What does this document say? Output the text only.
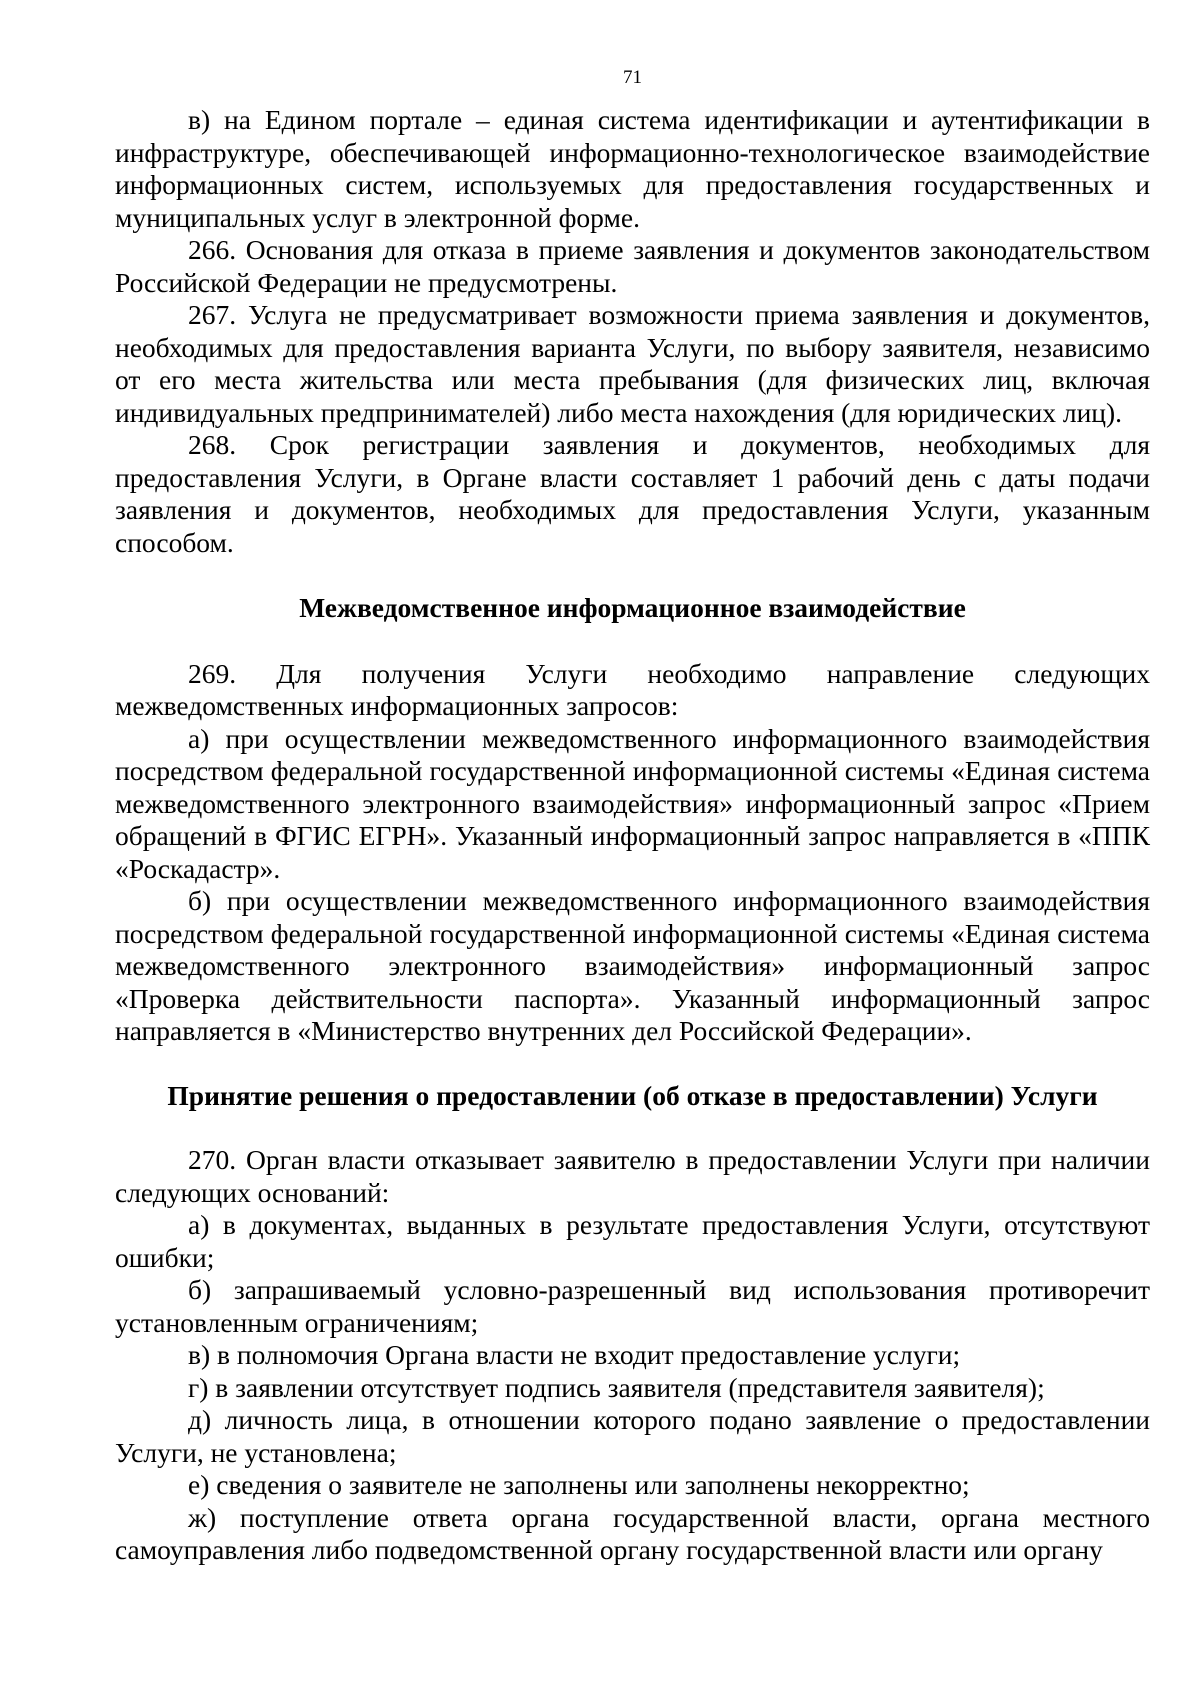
71

в) на Едином портале – единая система идентификации и аутентификации в инфраструктуре, обеспечивающей информационно-технологическое взаимодействие информационных систем, используемых для предоставления государственных и муниципальных услуг в электронной форме.

266. Основания для отказа в приеме заявления и документов законодательством Российской Федерации не предусмотрены.

267. Услуга не предусматривает возможности приема заявления и документов, необходимых для предоставления варианта Услуги, по выбору заявителя, независимо от его места жительства или места пребывания (для физических лиц, включая индивидуальных предпринимателей) либо места нахождения (для юридических лиц).

268. Срок регистрации заявления и документов, необходимых для предоставления Услуги, в Органе власти составляет 1 рабочий день с даты подачи заявления и документов, необходимых для предоставления Услуги, указанным способом.

Межведомственное информационное взаимодействие

269. Для получения Услуги необходимо направление следующих межведомственных информационных запросов:

а) при осуществлении межведомственного информационного взаимодействия посредством федеральной государственной информационной системы «Единая система межведомственного электронного взаимодействия» информационный запрос «Прием обращений в ФГИС ЕГРН». Указанный информационный запрос направляется в «ППК «Роскадастр».

б) при осуществлении межведомственного информационного взаимодействия посредством федеральной государственной информационной системы «Единая система межведомственного электронного взаимодействия» информационный запрос «Проверка действительности паспорта». Указанный информационный запрос направляется в «Министерство внутренних дел Российской Федерации».

Принятие решения о предоставлении (об отказе в предоставлении) Услуги

270. Орган власти отказывает заявителю в предоставлении Услуги при наличии следующих оснований:

а) в документах, выданных в результате предоставления Услуги, отсутствуют ошибки;

б) запрашиваемый условно-разрешенный вид использования противоречит установленным ограничениям;

в) в полномочия Органа власти не входит предоставление услуги;

г) в заявлении отсутствует подпись заявителя (представителя заявителя);

д) личность лица, в отношении которого подано заявление о предоставлении Услуги, не установлена;

е) сведения о заявителе не заполнены или заполнены некорректно;

ж) поступление ответа органа государственной власти, органа местного самоуправления либо подведомственной органу государственной власти или органу
